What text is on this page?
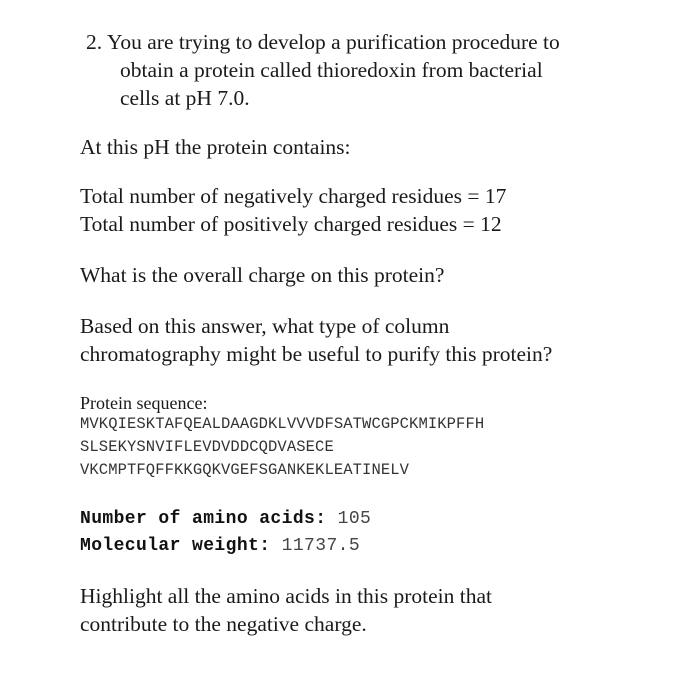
2. You are trying to develop a purification procedure to
obtain a protein called thioredoxin from bacterial
cells at pH 7.0.
At this pH the protein contains:
Total number of negatively charged residues = 17
Total number of positively charged residues = 12
What is the overall charge on this protein?
Based on this answer, what type of column
chromatography might be useful to purify this protein?
Protein sequence:
MVKQIESKTAFQEALDAAGDKLVVVDFSATWCGPCKMIKPFFH
SLSEKYSNVIFLEVDVDDCQDVASECE
VKCMPTFQFFKKGQKVGEFSGANKEKLEATINELV
Number of amino acids: 105
Molecular weight: 11737.5
Highlight all the amino acids in this protein that
contribute to the negative charge.
